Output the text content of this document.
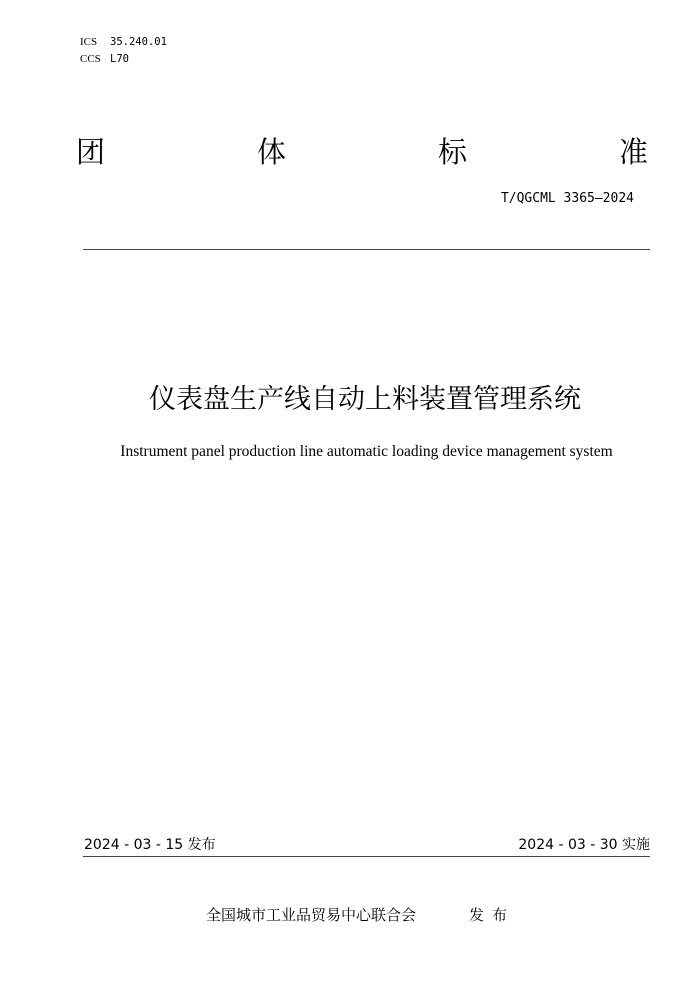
ICS 35.240.01
CCS L70
团	体	标	准
T/QGCML 3365—2024
仪表盘生产线自动上料装置管理系统
Instrument panel production line automatic loading device management system
2024 - 03 - 15 发布	2024 - 03 - 30 实施
全国城市工业品贸易中心联合会	发布
